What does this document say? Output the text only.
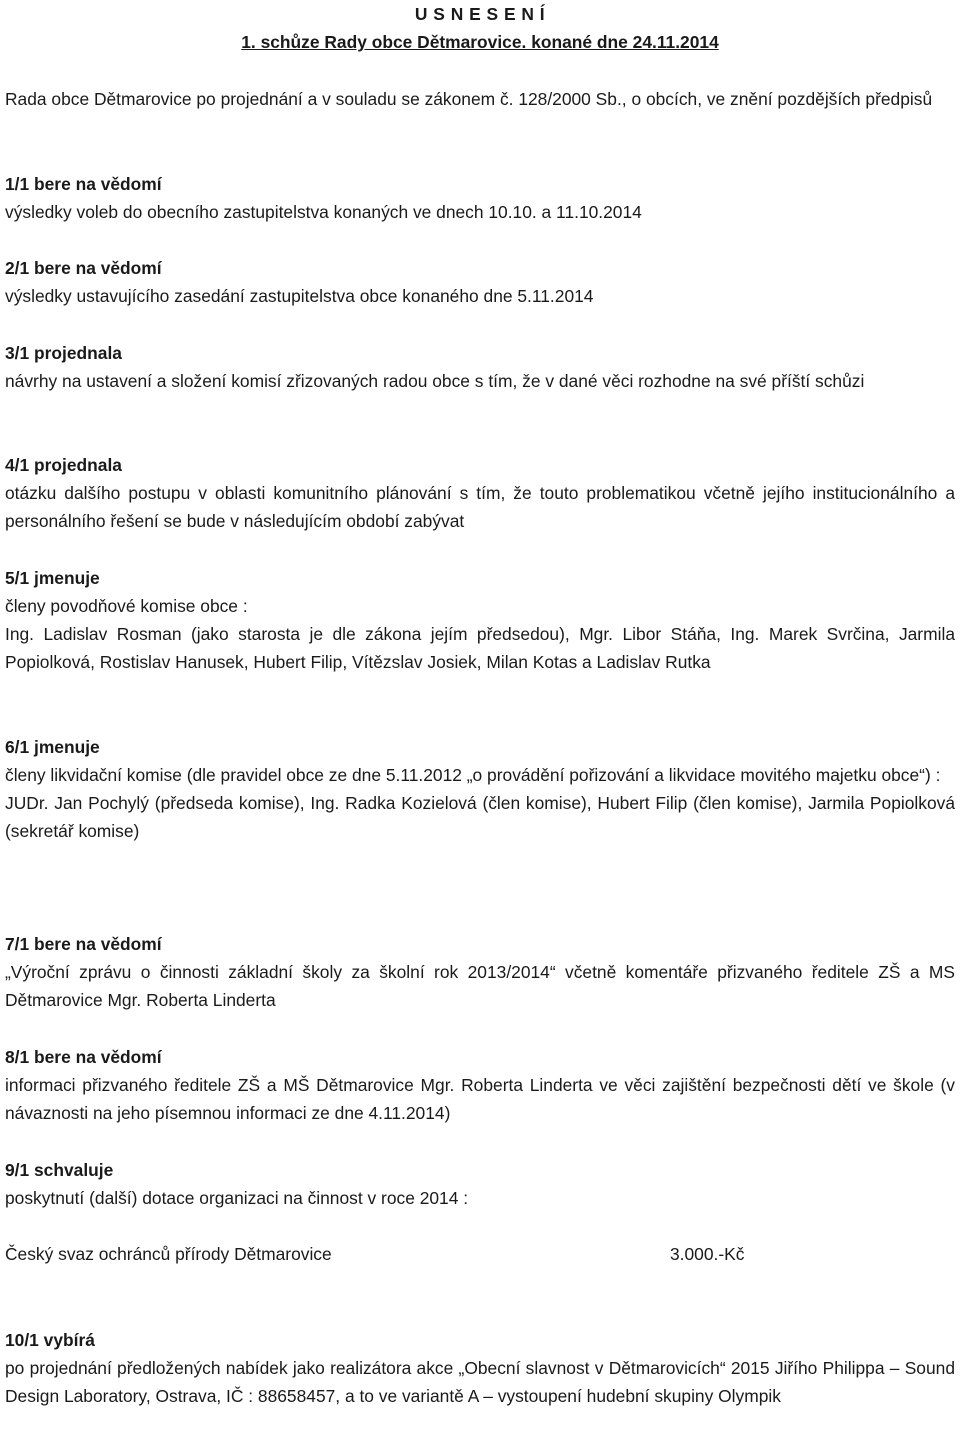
U S N E S E N Í
1. schůze Rady obce Dětmarovice. konané dne 24.11.2014
Rada obce Dětmarovice po projednání a v souladu se zákonem č. 128/2000 Sb., o obcích, ve znění pozdějších předpisů
1/1 bere na vědomí
výsledky voleb do obecního zastupitelstva konaných ve dnech 10.10. a 11.10.2014
2/1 bere na vědomí
výsledky ustavujícího zasedání zastupitelstva obce konaného dne 5.11.2014
3/1 projednala
návrhy na ustavení a složení komisí zřizovaných radou obce s tím, že v dané věci rozhodne na své příští schůzi
4/1 projednala
otázku dalšího postupu v oblasti komunitního plánování s tím, že touto problematikou včetně jejího institucionálního a personálního řešení se bude v následujícím období zabývat
5/1 jmenuje
členy povodňové komise obce :
Ing. Ladislav Rosman (jako starosta je dle zákona jejím předsedou), Mgr. Libor Stáňa, Ing. Marek Svrčina, Jarmila Popiolková, Rostislav Hanusek, Hubert Filip, Vítězslav Josiek, Milan Kotas a Ladislav Rutka
6/1 jmenuje
členy likvidační komise (dle pravidel obce ze dne 5.11.2012 „o provádění pořizování a likvidace movitého majetku obce“) :
JUDr. Jan Pochylý (předseda komise), Ing. Radka Kozielová (člen komise), Hubert Filip (člen komise), Jarmila Popiolková (sekretář komise)
7/1 bere na vědomí
„Výroční zprávu o činnosti základní školy za školní rok 2013/2014“ včetně komentáře přizvaného ředitele ZŠ a MS Dětmarovice Mgr. Roberta Linderta
8/1 bere na vědomí
informaci přizvaného ředitele ZŠ a MŠ Dětmarovice Mgr. Roberta Linderta ve věci zajištění bezpečnosti dětí ve škole (v návaznosti na jeho písemnou informaci ze dne 4.11.2014)
9/1 schvaluje
poskytnutí (další) dotace organizaci na činnost v roce 2014 :
Český svaz ochránců přírody Dětmarovice	3.000.-Kč
10/1 vybírá
po projednání předložených nabídek jako realizátora akce „Obecní slavnost v Dětmarovicích“ 2015 Jiřího Philippa – Sound Design Laboratory, Ostrava, IČ : 88658457, a to ve variantě A – vystoupení hudební skupiny Olympik
